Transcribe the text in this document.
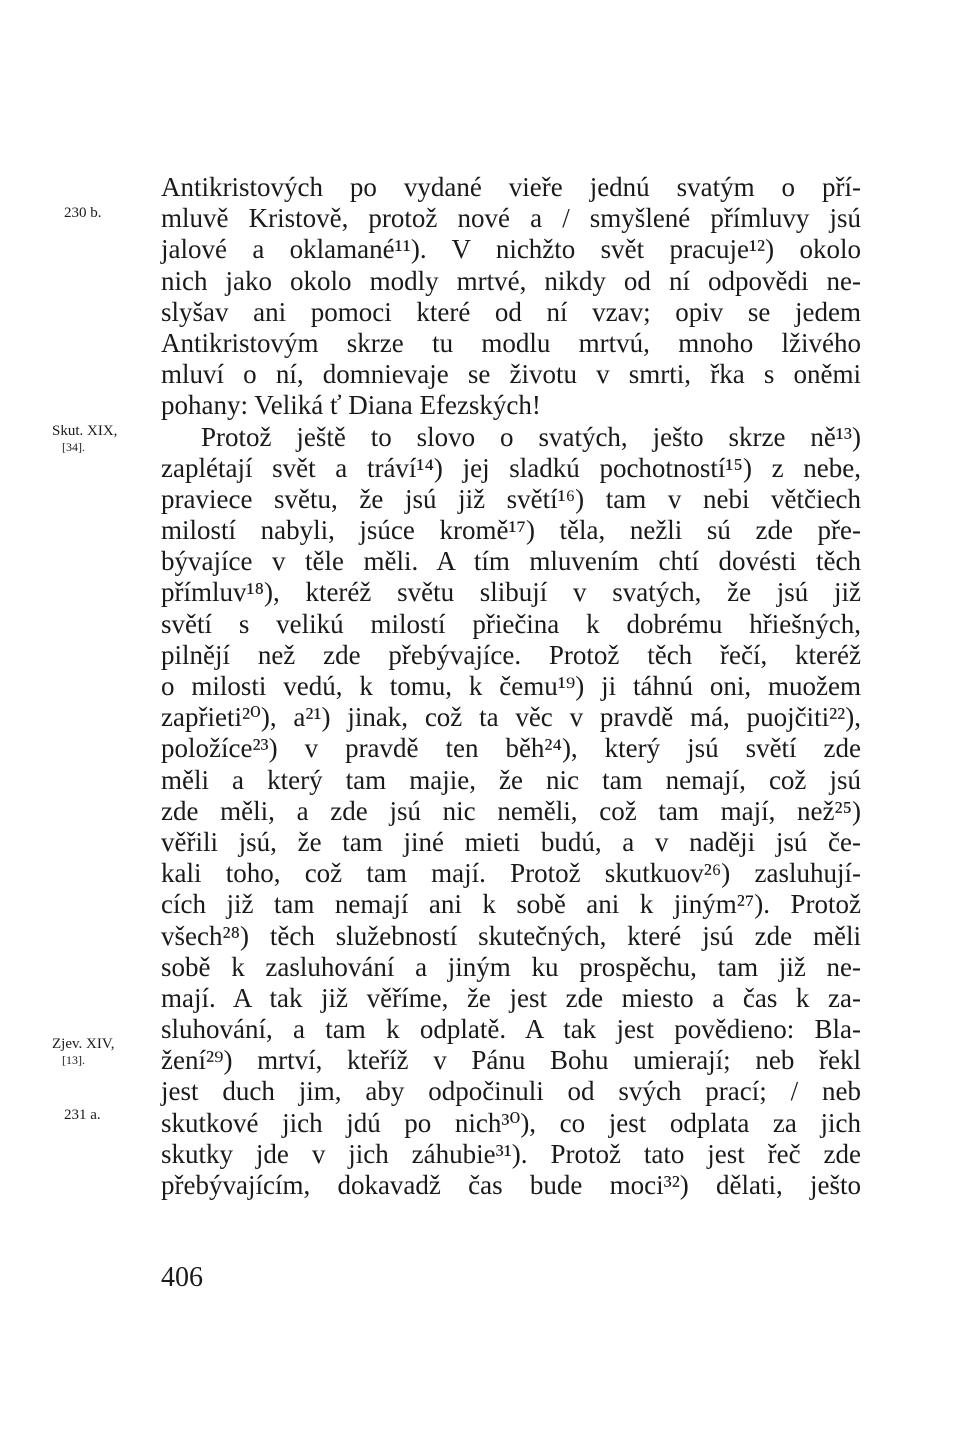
230 b.
Skut. XIX,
[34].
Zjev. XIV,
[13].
231 a.
Antikristových po vydané vieře jednú svatým o pří-
mluvě Kristově, protož nové a / smyšlené přímluvy jsú
jalové a oklamané¹¹). V nichžto svět pracuje¹²) okolo
nich jako okolo modly mrtvé, nikdy od ní odpovědi ne-
slyšav ani pomoci které od ní vzav; opiv se jedem
Antikristovým skrze tu modlu mrtvú, mnoho lživého
mluví o ní, domnievaje se životu v smrti, řka s oněmi
pohany: Veliká ť Diana Efezských!
Protož ještě to slovo o svatých, ješto skrze ně¹³)
zaplétají svět a tráví¹⁴) jej sladkú pochotností¹⁵) z nebe,
praviece světu, že jsú již světí¹⁶) tam v nebi větčiech
milostí nabyli, jsúce kromě¹⁷) těla, nežli sú zde pře-
bývajíce v těle měli. A tím mluvením chtí dovésti těch
přímluv¹⁸), kteréž světu slibují v svatých, že jsú již
světí s velikú milostí přiečina k dobrému hřiešných,
pilnějí než zde přebývajíce. Protož těch řečí, kteréž
o milosti vedú, k tomu, k čemu¹⁹) ji táhnú oni, muožem
zapřieti²⁰), a²¹) jinak, což ta věc v pravdě má, puojčiti²²),
položíce²³) v pravdě ten běh²⁴), který jsú světí zde
měli a který tam majie, že nic tam nemají, což jsú
zde měli, a zde jsú nic neměli, což tam mají, než²⁵)
věřili jsú, že tam jiné mieti budú, a v naději jsú če-
kali toho, což tam mají. Protož skutkuov²⁶) zasluhují-
cích již tam nemají ani k sobě ani k jiným²⁷). Protož
všech²⁸) těch služebností skutečných, které jsú zde měli
sobě k zasluhování a jiným ku prospěchu, tam již ne-
mají. A tak již věříme, že jest zde miesto a čas k za-
sluhování, a tam k odplatě. A tak jest povědieno: Bla-
žení²⁹) mrtví, kteříž v Pánu Bohu umierají; neb řekl
jest duch jim, aby odpočinuli od svých prací; / neb
skutkové jich jdú po nich³⁰), co jest odplata za jich
skutky jde v jich záhubie³¹). Protož tato jest řeč zde
přebývajícím, dokavadž čas bude moci³²) dělati, ješto
406
